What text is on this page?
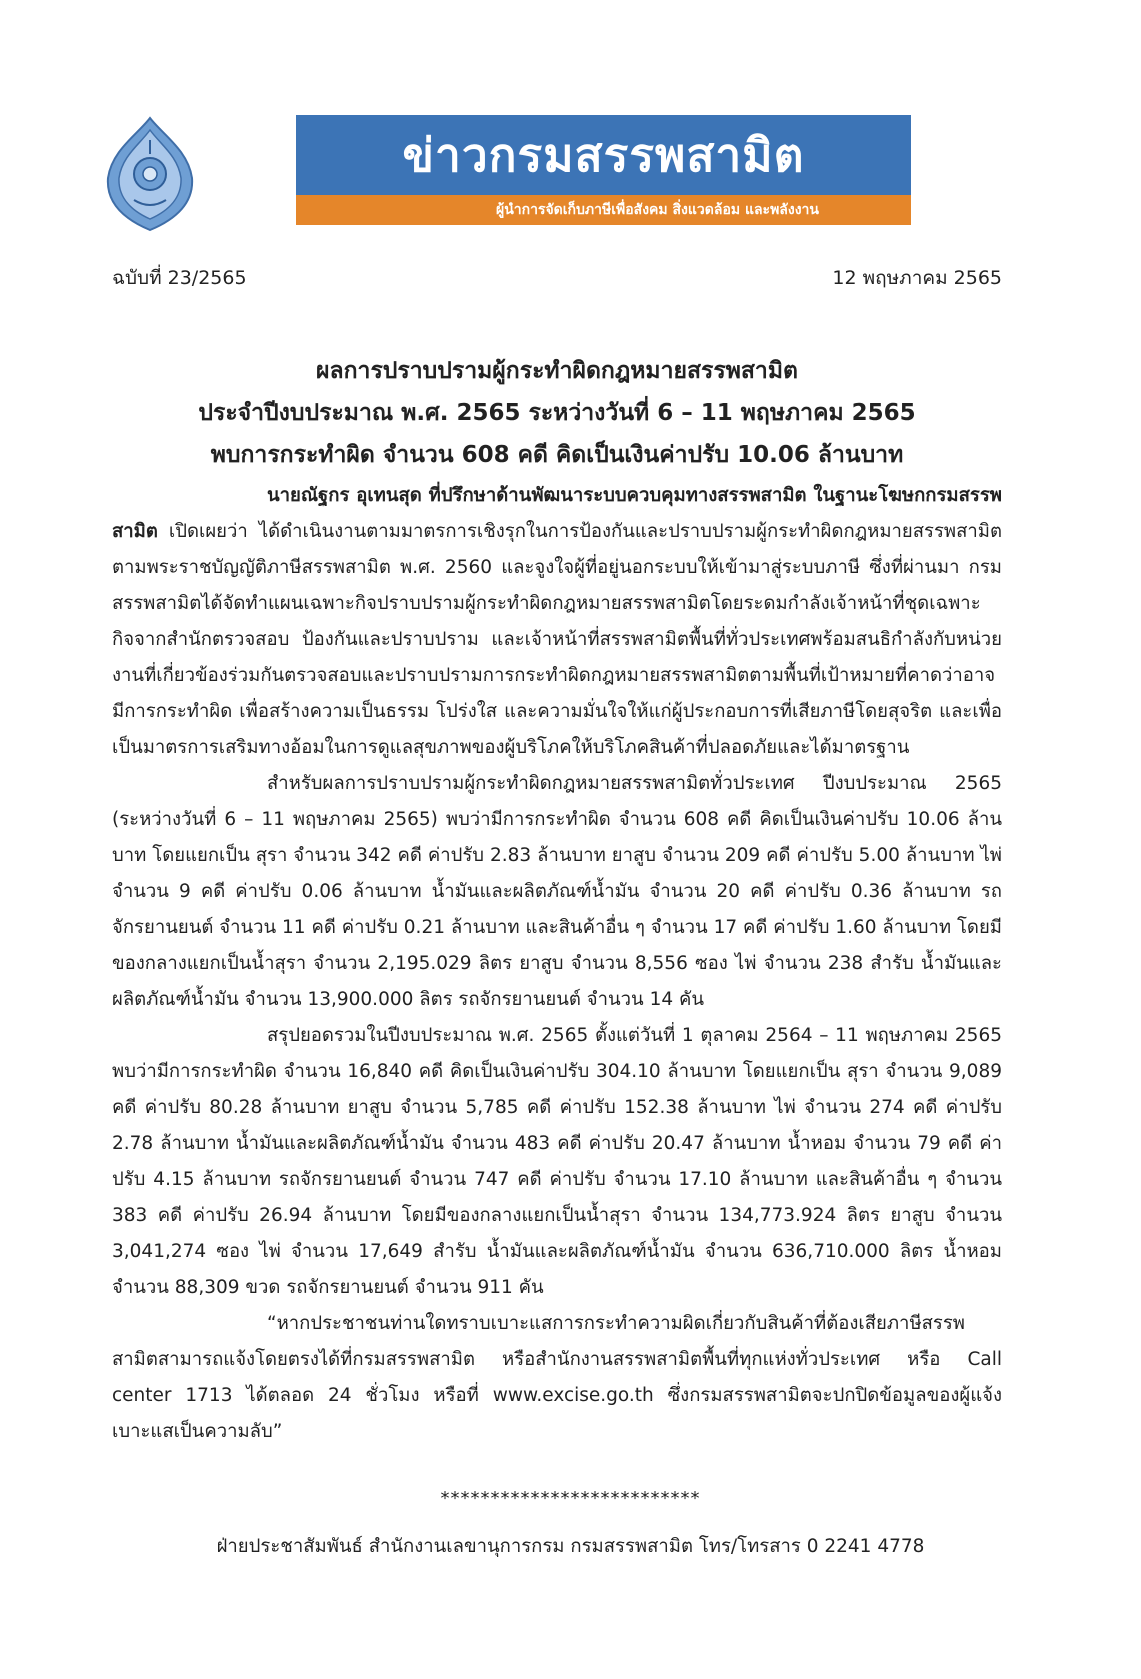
ข่าวกรมสรรพสามิต
ผู้นำการจัดเก็บภาษีเพื่อสังคม สิ่งแวดล้อม และพลังงาน
ฉบับที่ 23/2565	12 พฤษภาคม 2565
ผลการปราบปรามผู้กระทำผิดกฎหมายสรรพสามิต
ประจำปีงบประมาณ พ.ศ. 2565 ระหว่างวันที่ 6 – 11 พฤษภาคม 2565
พบการกระทำผิด จำนวน 608 คดี คิดเป็นเงินค่าปรับ 10.06 ล้านบาท

นายณัฐกร อุเทนสุด ที่ปรึกษาด้านพัฒนาระบบควบคุมทางสรรพสามิต ในฐานะโฆษกกรมสรรพสามิต เปิดเผยว่า ได้ดำเนินงานตามมาตรการเชิงรุกในการป้องกันและปราบปรามผู้กระทำผิดกฎหมายสรรพสามิตตามพระราชบัญญัติภาษีสรรพสามิต พ.ศ. 2560 และจูงใจผู้ที่อยู่นอกระบบให้เข้ามาสู่ระบบภาษี ซึ่งที่ผ่านมา กรมสรรพสามิตได้จัดทำแผนเฉพาะกิจปราบปรามผู้กระทำผิดกฎหมายสรรพสามิตโดยระดมกำลังเจ้าหน้าที่ชุดเฉพาะกิจจากสำนักตรวจสอบ ป้องกันและปราบปราม และเจ้าหน้าที่สรรพสามิตพื้นที่ทั่วประเทศพร้อมสนธิกำลังกับหน่วยงานที่เกี่ยวข้องร่วมกันตรวจสอบและปราบปรามการกระทำผิดกฎหมายสรรพสามิตตามพื้นที่เป้าหมายที่คาดว่าอาจมีการกระทำผิด เพื่อสร้างความเป็นธรรม โปร่งใส และความมั่นใจให้แก่ผู้ประกอบการที่เสียภาษีโดยสุจริต และเพื่อเป็นมาตรการเสริมทางอ้อมในการดูแลสุขภาพของผู้บริโภคให้บริโภคสินค้าที่ปลอดภัยและได้มาตรฐาน

สำหรับผลการปราบปรามผู้กระทำผิดกฎหมายสรรพสามิตทั่วประเทศ ปีงบประมาณ 2565 (ระหว่างวันที่ 6 – 11 พฤษภาคม 2565) พบว่ามีการกระทำผิด จำนวน 608 คดี คิดเป็นเงินค่าปรับ 10.06 ล้านบาท โดยแยกเป็น สุรา จำนวน 342 คดี ค่าปรับ 2.83 ล้านบาท ยาสูบ จำนวน 209 คดี ค่าปรับ 5.00 ล้านบาท ไพ่ จำนวน 9 คดี ค่าปรับ 0.06 ล้านบาท น้ำมันและผลิตภัณฑ์น้ำมัน จำนวน 20 คดี ค่าปรับ 0.36 ล้านบาท รถจักรยานยนต์ จำนวน 11 คดี ค่าปรับ 0.21 ล้านบาท และสินค้าอื่น ๆ จำนวน 17 คดี ค่าปรับ 1.60 ล้านบาท โดยมีของกลางแยกเป็นน้ำสุรา จำนวน 2,195.029 ลิตร ยาสูบ จำนวน 8,556 ซอง ไพ่ จำนวน 238 สำรับ น้ำมันและผลิตภัณฑ์น้ำมัน จำนวน 13,900.000 ลิตร รถจักรยานยนต์ จำนวน 14 คัน

สรุปยอดรวมในปีงบประมาณ พ.ศ. 2565 ตั้งแต่วันที่ 1 ตุลาคม 2564 – 11 พฤษภาคม 2565 พบว่ามีการกระทำผิด จำนวน 16,840 คดี คิดเป็นเงินค่าปรับ 304.10 ล้านบาท โดยแยกเป็น สุรา จำนวน 9,089 คดี ค่าปรับ 80.28 ล้านบาท ยาสูบ จำนวน 5,785 คดี ค่าปรับ 152.38 ล้านบาท ไพ่ จำนวน 274 คดี ค่าปรับ 2.78 ล้านบาท น้ำมันและผลิตภัณฑ์น้ำมัน จำนวน 483 คดี ค่าปรับ 20.47 ล้านบาท น้ำหอม จำนวน 79 คดี ค่าปรับ 4.15 ล้านบาท รถจักรยานยนต์ จำนวน 747 คดี ค่าปรับ จำนวน 17.10 ล้านบาท และสินค้าอื่น ๆ จำนวน 383 คดี ค่าปรับ 26.94 ล้านบาท โดยมีของกลางแยกเป็นน้ำสุรา จำนวน 134,773.924 ลิตร ยาสูบ จำนวน 3,041,274 ซอง ไพ่ จำนวน 17,649 สำรับ น้ำมันและผลิตภัณฑ์น้ำมัน จำนวน 636,710.000 ลิตร น้ำหอม จำนวน 88,309 ขวด รถจักรยานยนต์ จำนวน 911 คัน

“หากประชาชนท่านใดทราบเบาะแสการกระทำความผิดเกี่ยวกับสินค้าที่ต้องเสียภาษีสรรพสามิตสามารถแจ้งโดยตรงได้ที่กรมสรรพสามิต หรือสำนักงานสรรพสามิตพื้นที่ทุกแห่งทั่วประเทศ หรือ Call center 1713 ได้ตลอด 24 ชั่วโมง หรือที่ www.excise.go.th ซึ่งกรมสรรพสามิตจะปกปิดข้อมูลของผู้แจ้งเบาะแสเป็นความลับ”

**************************
ฝ่ายประชาสัมพันธ์ สำนักงานเลขานุการกรม กรมสรรพสามิต โทร/โทรสาร 0 2241 4778
